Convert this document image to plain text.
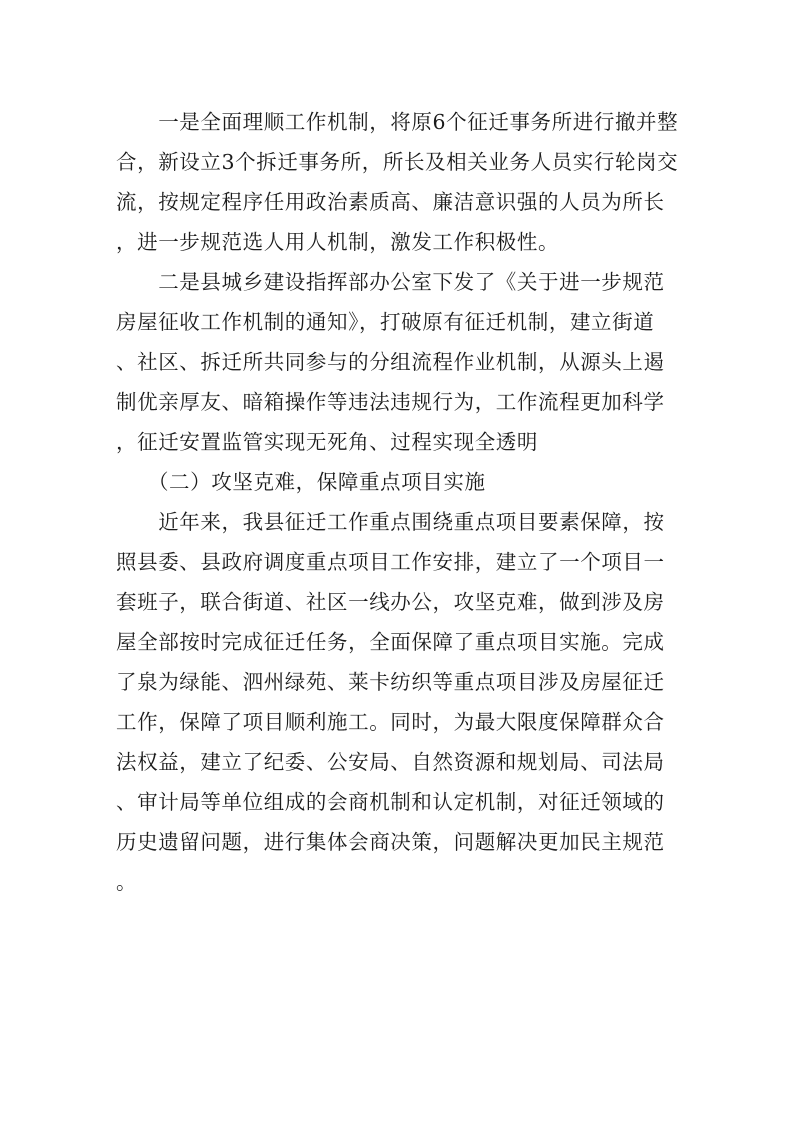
　　一是全面理顺工作机制，将原6个征迁事务所进行撤并整

合，新设立3个拆迁事务所，所长及相关业务人员实行轮岗交

流，按规定程序任用政治素质高、廉洁意识强的人员为所长

，进一步规范选人用人机制，激发工作积极性。

　　二是县城乡建设指挥部办公室下发了《关于进一步规范

房屋征收工作机制的通知》，打破原有征迁机制，建立街道

、社区、拆迁所共同参与的分组流程作业机制，从源头上遏

制优亲厚友、暗箱操作等违法违规行为，工作流程更加科学

，征迁安置监管实现无死角、过程实现全透明

　　（二）攻坚克难，保障重点项目实施

　　近年来，我县征迁工作重点围绕重点项目要素保障，按

照县委、县政府调度重点项目工作安排，建立了一个项目一

套班子，联合街道、社区一线办公，攻坚克难，做到涉及房

屋全部按时完成征迁任务，全面保障了重点项目实施。完成

了泉为绿能、泗州绿苑、莱卡纺织等重点项目涉及房屋征迁

工作，保障了项目顺利施工。同时，为最大限度保障群众合

法权益，建立了纪委、公安局、自然资源和规划局、司法局

、审计局等单位组成的会商机制和认定机制，对征迁领域的

历史遗留问题，进行集体会商决策，问题解决更加民主规范

。
